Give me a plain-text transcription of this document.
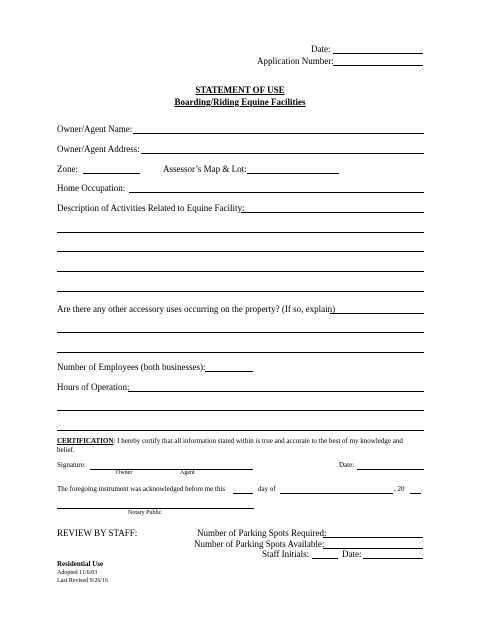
Date:
Application Number:
STATEMENT OF USE
Boarding/Riding Equine Facilities
Owner/Agent Name:
Owner/Agent Address:
Zone:	Assessor’s Map & Lot:
Home Occupation:
Description of Activities Related to Equine Facility:
Are there any other accessory uses occurring on the property? (If so, explain)
Number of Employees (both businesses):
Hours of Operation:
CERTIFICATION: I hereby certify that all information stated within is true and accurate to the best of my knowledge and
belief.
Signature:	Date:
Owner	Agent
The foregoing instrument was acknowledged before me this	day of	, 20 .
Notary Public
REVIEW BY STAFF:	Number of Parking Spots Required:
Number of Parking Spots Available:
Staff Initials:	Date:
Residential Use
Adopted 11/6/03
Last Revised 9/26/16
